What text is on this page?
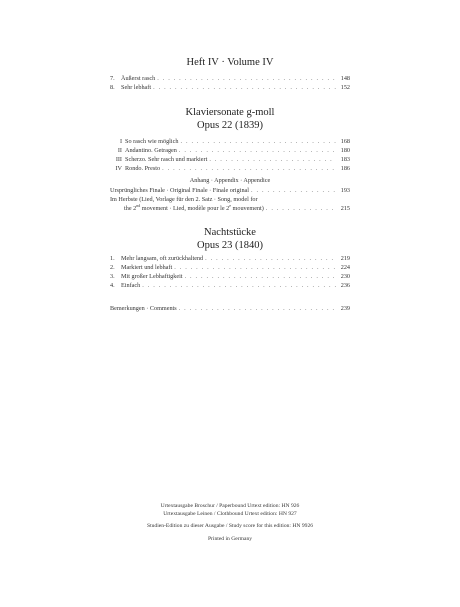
Heft IV · Volume IV
7. Äußerst rasch . . .	148
8. Sehr lebhaft . . .	152
Klaviersonate g-moll
Opus 22 (1839)
I So rasch wie möglich . . .	168
II Andantino. Getragen . . .	180
III Scherzo. Sehr rasch und markiert . . .	183
IV Rondo. Presto . . .	186
Anhang · Appendix · Appendice
Ursprüngliches Finale · Original Finale · Finale original . . .	193
Im Herbste (Lied, Vorlage für den 2. Satz · Song, model for
the 2nd movement · Lied, modèle pour le 2e mouvement) . . .	215
Nachtstücke
Opus 23 (1840)
1. Mehr langsam, oft zurückhaltend . . .	219
2. Markiert und lebhaft . . .	224
3. Mit großer Lebhaftigkeit . . .	230
4. Einfach . . .	236
Bemerkungen · Comments . . .	239
Urtextausgabe Broschur / Paperbound Urtext edition: HN 926
Urtextausgabe Leinen / Clothbound Urtext edition: HN 927
Studien-Edition zu dieser Ausgabe / Study score for this edition: HN 9926
Printed in Germany
